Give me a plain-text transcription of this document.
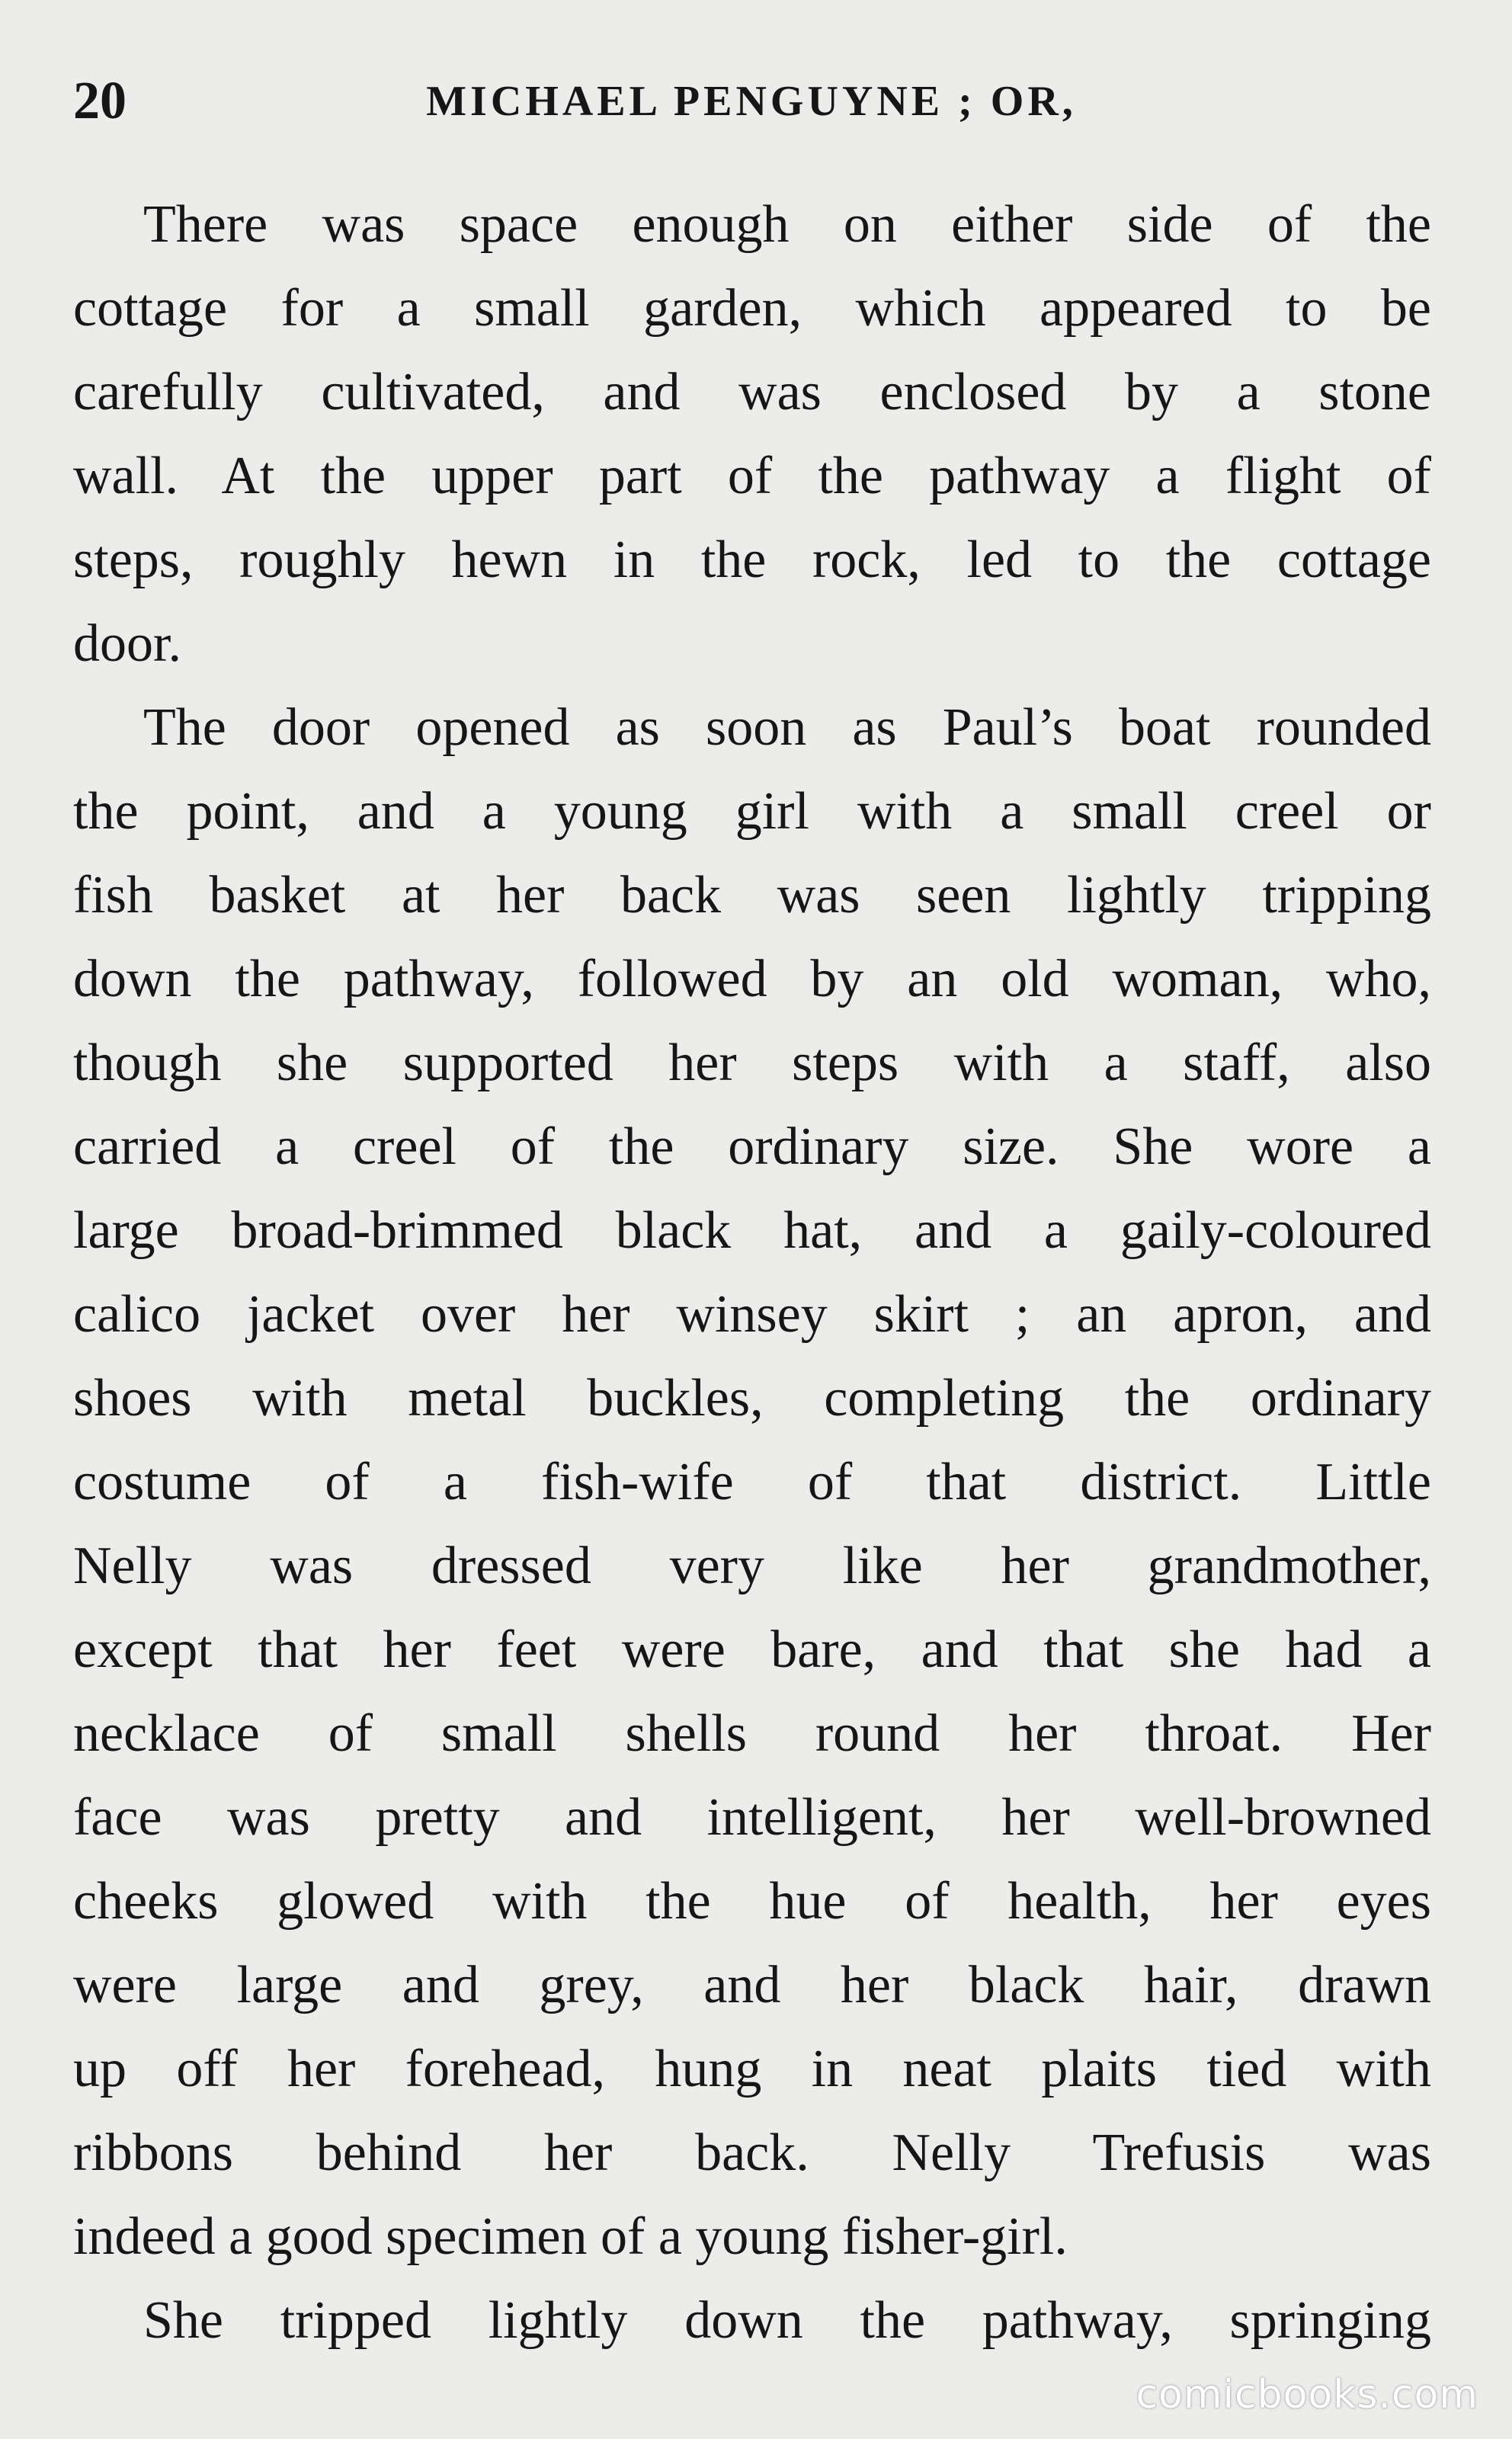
20	MICHAEL PENGUYNE ; OR,
There was space enough on either side of the
cottage for a small garden, which appeared to be
carefully cultivated, and was enclosed by a stone
wall. At the upper part of the pathway a flight of
steps, roughly hewn in the rock, led to the cottage
door.
The door opened as soon as Paul’s boat rounded
the point, and a young girl with a small creel or
fish basket at her back was seen lightly tripping
down the pathway, followed by an old woman, who,
though she supported her steps with a staff, also
carried a creel of the ordinary size. She wore a
large broad-brimmed black hat, and a gaily-coloured
calico jacket over her winsey skirt ; an apron, and
shoes with metal buckles, completing the ordinary
costume of a fish-wife of that district. Little
Nelly was dressed very like her grandmother,
except that her feet were bare, and that she had a
necklace of small shells round her throat. Her
face was pretty and intelligent, her well-browned
cheeks glowed with the hue of health, her eyes
were large and grey, and her black hair, drawn
up off her forehead, hung in neat plaits tied with
ribbons behind her back. Nelly Trefusis was
indeed a good specimen of a young fisher-girl.
She tripped lightly down the pathway, springing
comicbooks.com
